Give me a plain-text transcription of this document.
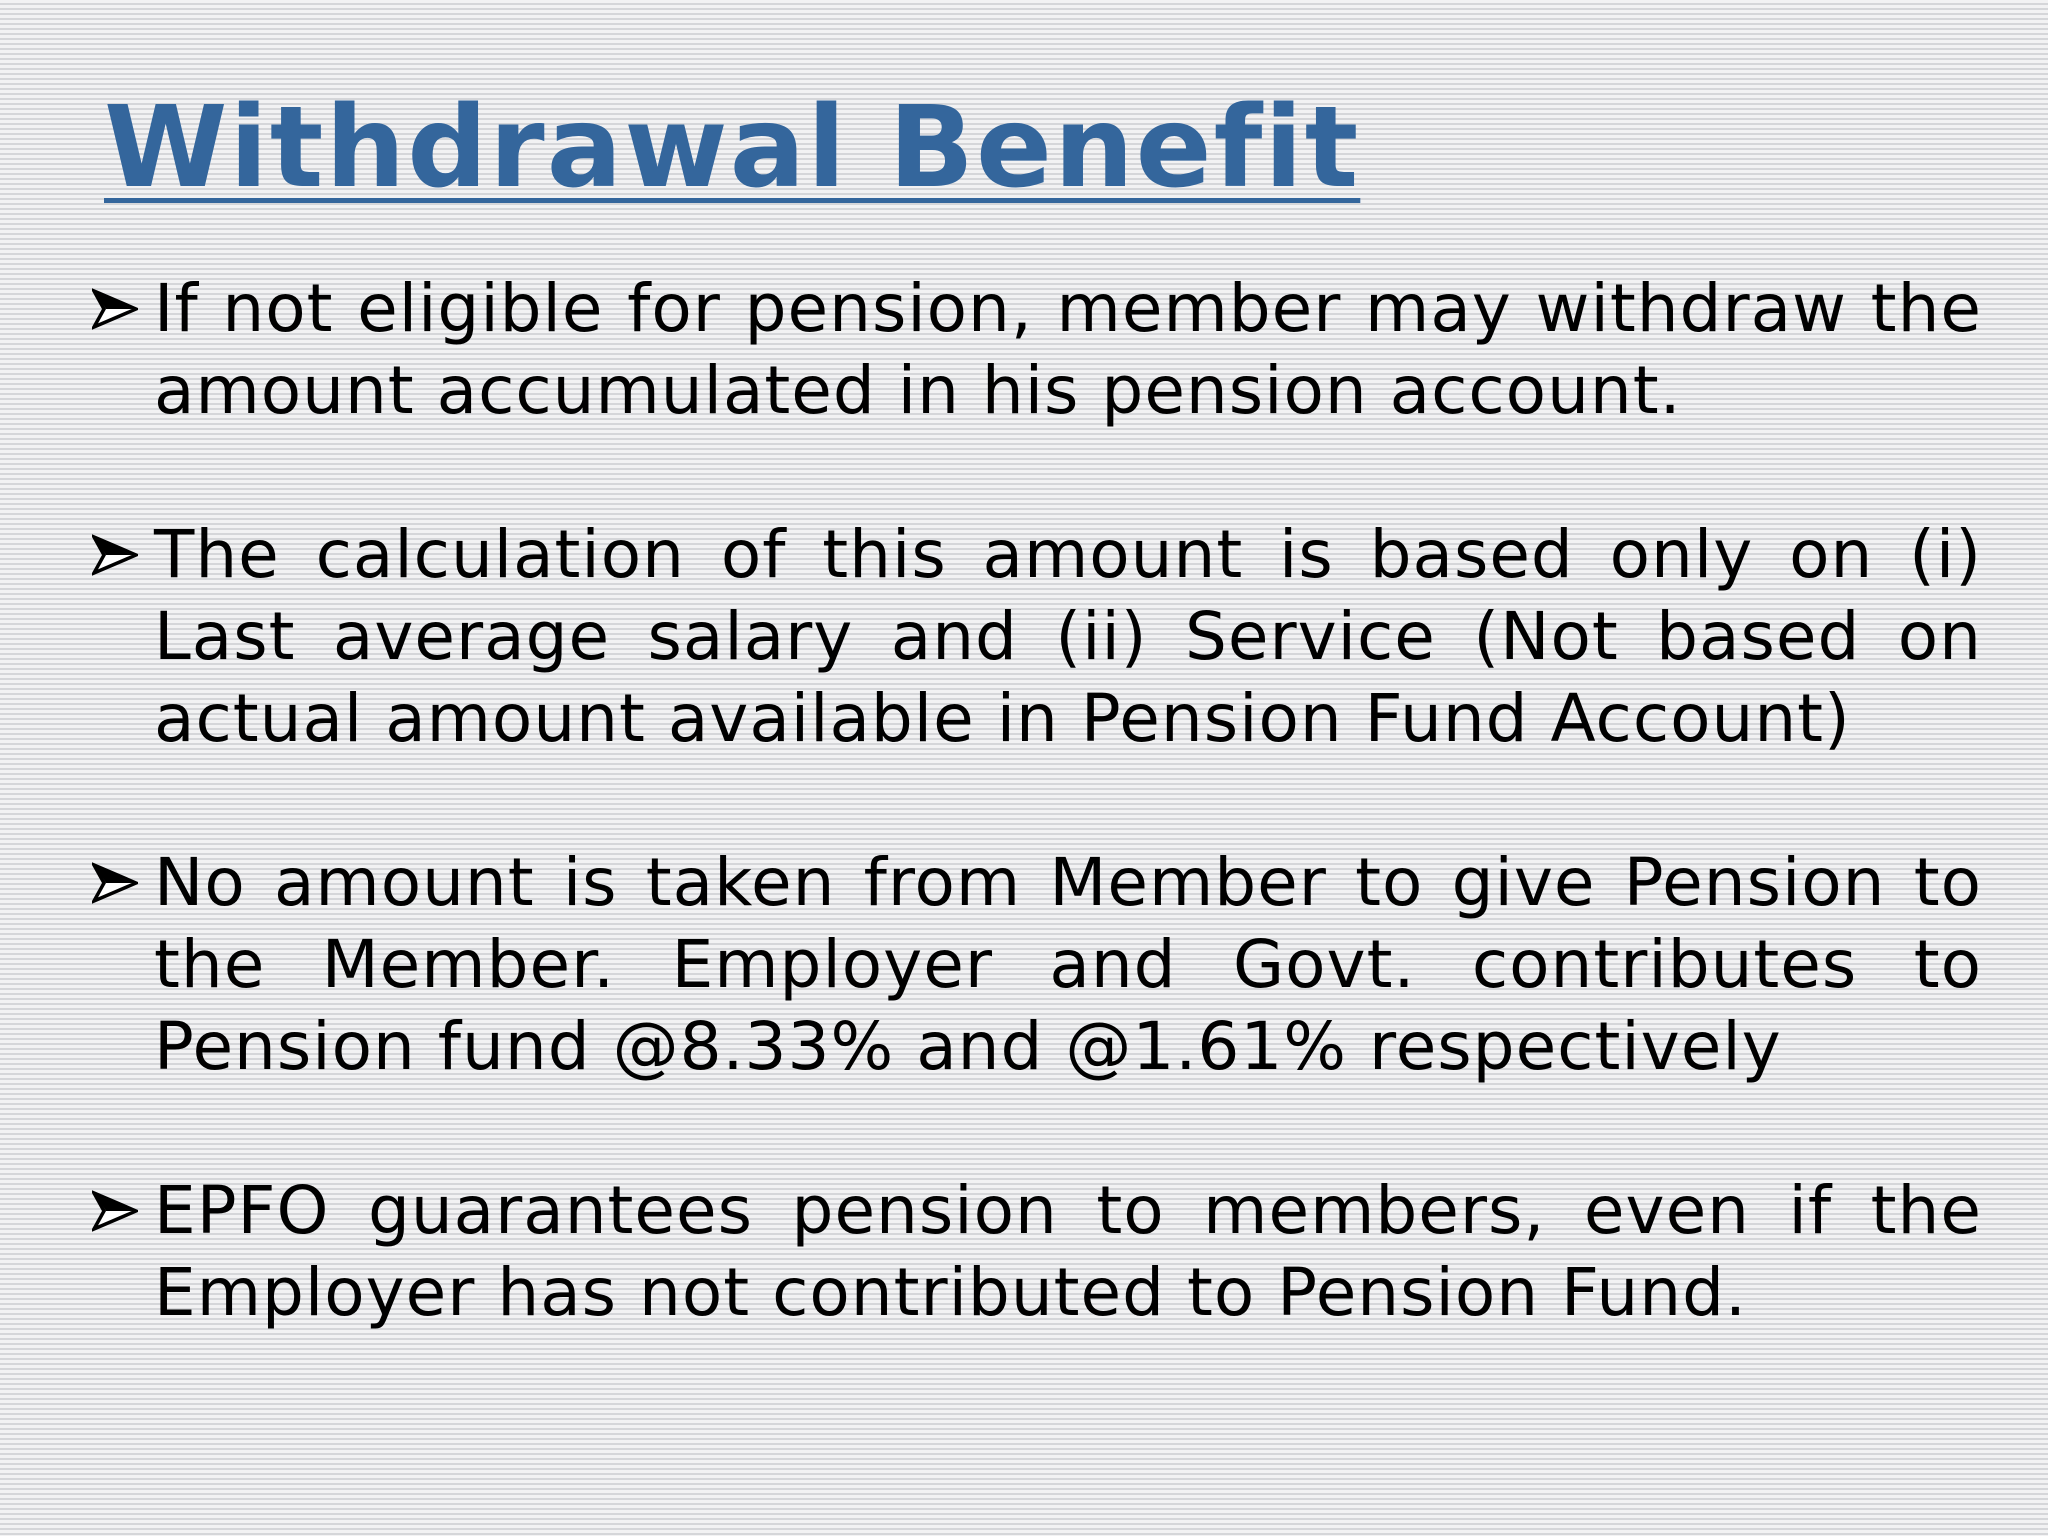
Withdrawal Benefit
If not eligible for pension, member may withdraw the amount accumulated in his pension account.
The calculation of this amount is based only on (i) Last average salary and (ii) Service (Not based on actual amount available in Pension Fund Account)
No amount is taken from Member to give Pension to the Member. Employer and Govt. contributes to Pension fund @8.33% and @1.61% respectively
EPFO guarantees pension to members, even if the Employer has not contributed to Pension Fund.
